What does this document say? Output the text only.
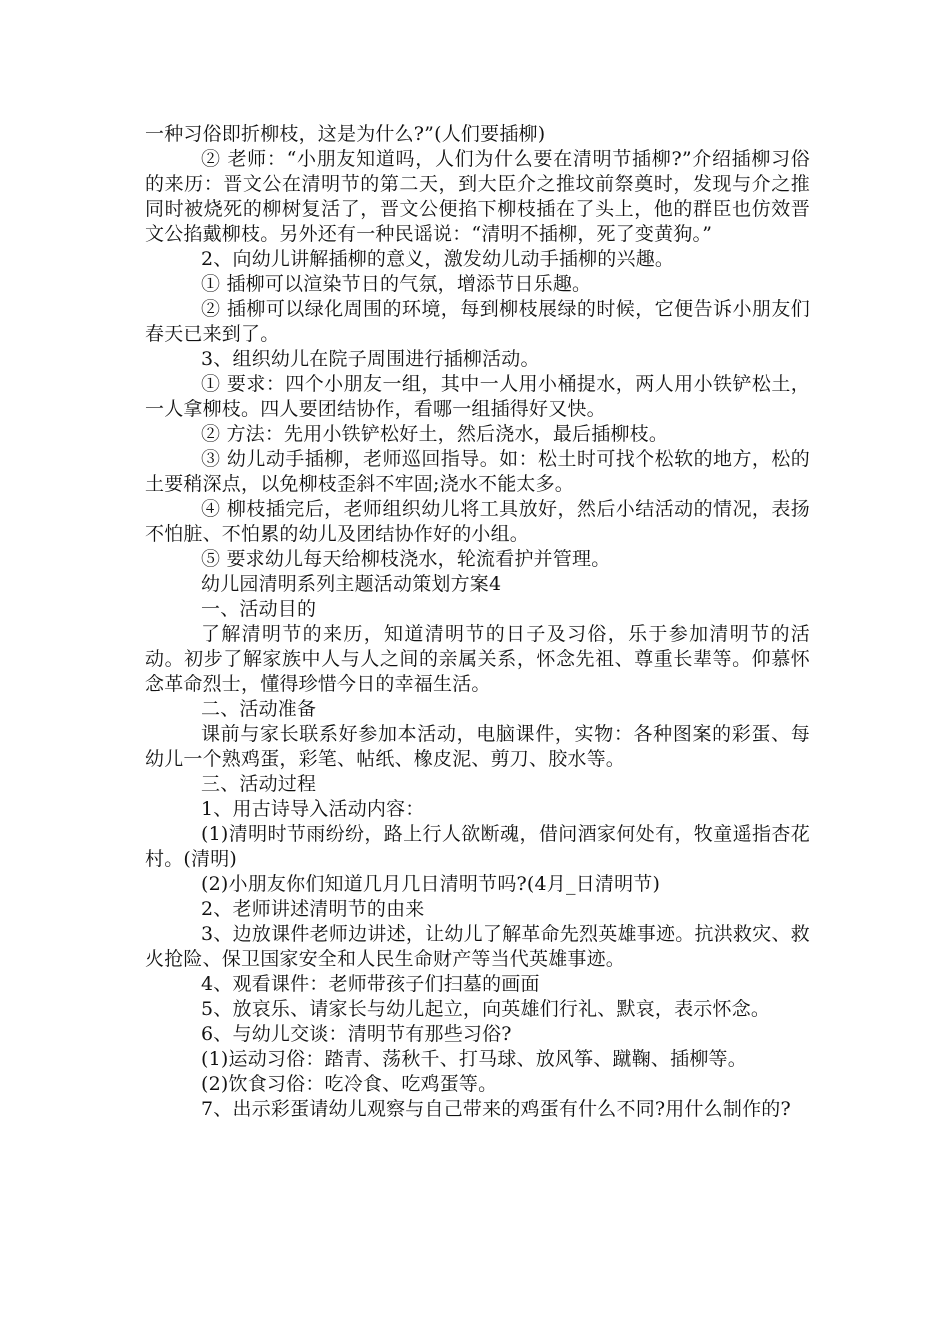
一种习俗即折柳枝，这是为什么?”(人们要插柳)

② 老师：“小朋友知道吗，人们为什么要在清明节插柳?”介绍插柳习俗的来历：晋文公在清明节的第二天，到大臣介之推坟前祭奠时，发现与介之推同时被烧死的柳树复活了，晋文公便掐下柳枝插在了头上，他的群臣也仿效晋文公掐戴柳枝。另外还有一种民谣说：“清明不插柳，死了变黄狗。”

2、向幼儿讲解插柳的意义，激发幼儿动手插柳的兴趣。

① 插柳可以渲染节日的气氛，增添节日乐趣。

② 插柳可以绿化周围的环境，每到柳枝展绿的时候，它便告诉小朋友们春天已来到了。

3、组织幼儿在院子周围进行插柳活动。

① 要求：四个小朋友一组，其中一人用小桶提水，两人用小铁铲松土，一人拿柳枝。四人要团结协作，看哪一组插得好又快。

② 方法：先用小铁铲松好土，然后浇水，最后插柳枝。

③ 幼儿动手插柳，老师巡回指导。如：松土时可找个松软的地方，松的土要稍深点，以免柳枝歪斜不牢固;浇水不能太多。

④ 柳枝插完后，老师组织幼儿将工具放好，然后小结活动的情况，表扬不怕脏、不怕累的幼儿及团结协作好的小组。

⑤ 要求幼儿每天给柳枝浇水，轮流看护并管理。

幼儿园清明系列主题活动策划方案4

一、活动目的

了解清明节的来历，知道清明节的日子及习俗，乐于参加清明节的活动。初步了解家族中人与人之间的亲属关系，怀念先祖、尊重长辈等。仰慕怀念革命烈士，懂得珍惜今日的幸福生活。

二、活动准备

课前与家长联系好参加本活动，电脑课件，实物：各种图案的彩蛋、每幼儿一个熟鸡蛋，彩笔、帖纸、橡皮泥、剪刀、胶水等。

三、活动过程

1、用古诗导入活动内容：

(1)清明时节雨纷纷，路上行人欲断魂，借问酒家何处有，牧童遥指杏花村。(清明)

(2)小朋友你们知道几月几日清明节吗?(4月_日清明节)

2、老师讲述清明节的由来

3、边放课件老师边讲述，让幼儿了解革命先烈英雄事迹。抗洪救灾、救火抢险、保卫国家安全和人民生命财产等当代英雄事迹。

4、观看课件：老师带孩子们扫墓的画面

5、放哀乐、请家长与幼儿起立，向英雄们行礼、默哀，表示怀念。

6、与幼儿交谈：清明节有那些习俗?

(1)运动习俗：踏青、荡秋千、打马球、放风筝、蹴鞠、插柳等。

(2)饮食习俗：吃冷食、吃鸡蛋等。

7、出示彩蛋请幼儿观察与自己带来的鸡蛋有什么不同?用什么制作的?
